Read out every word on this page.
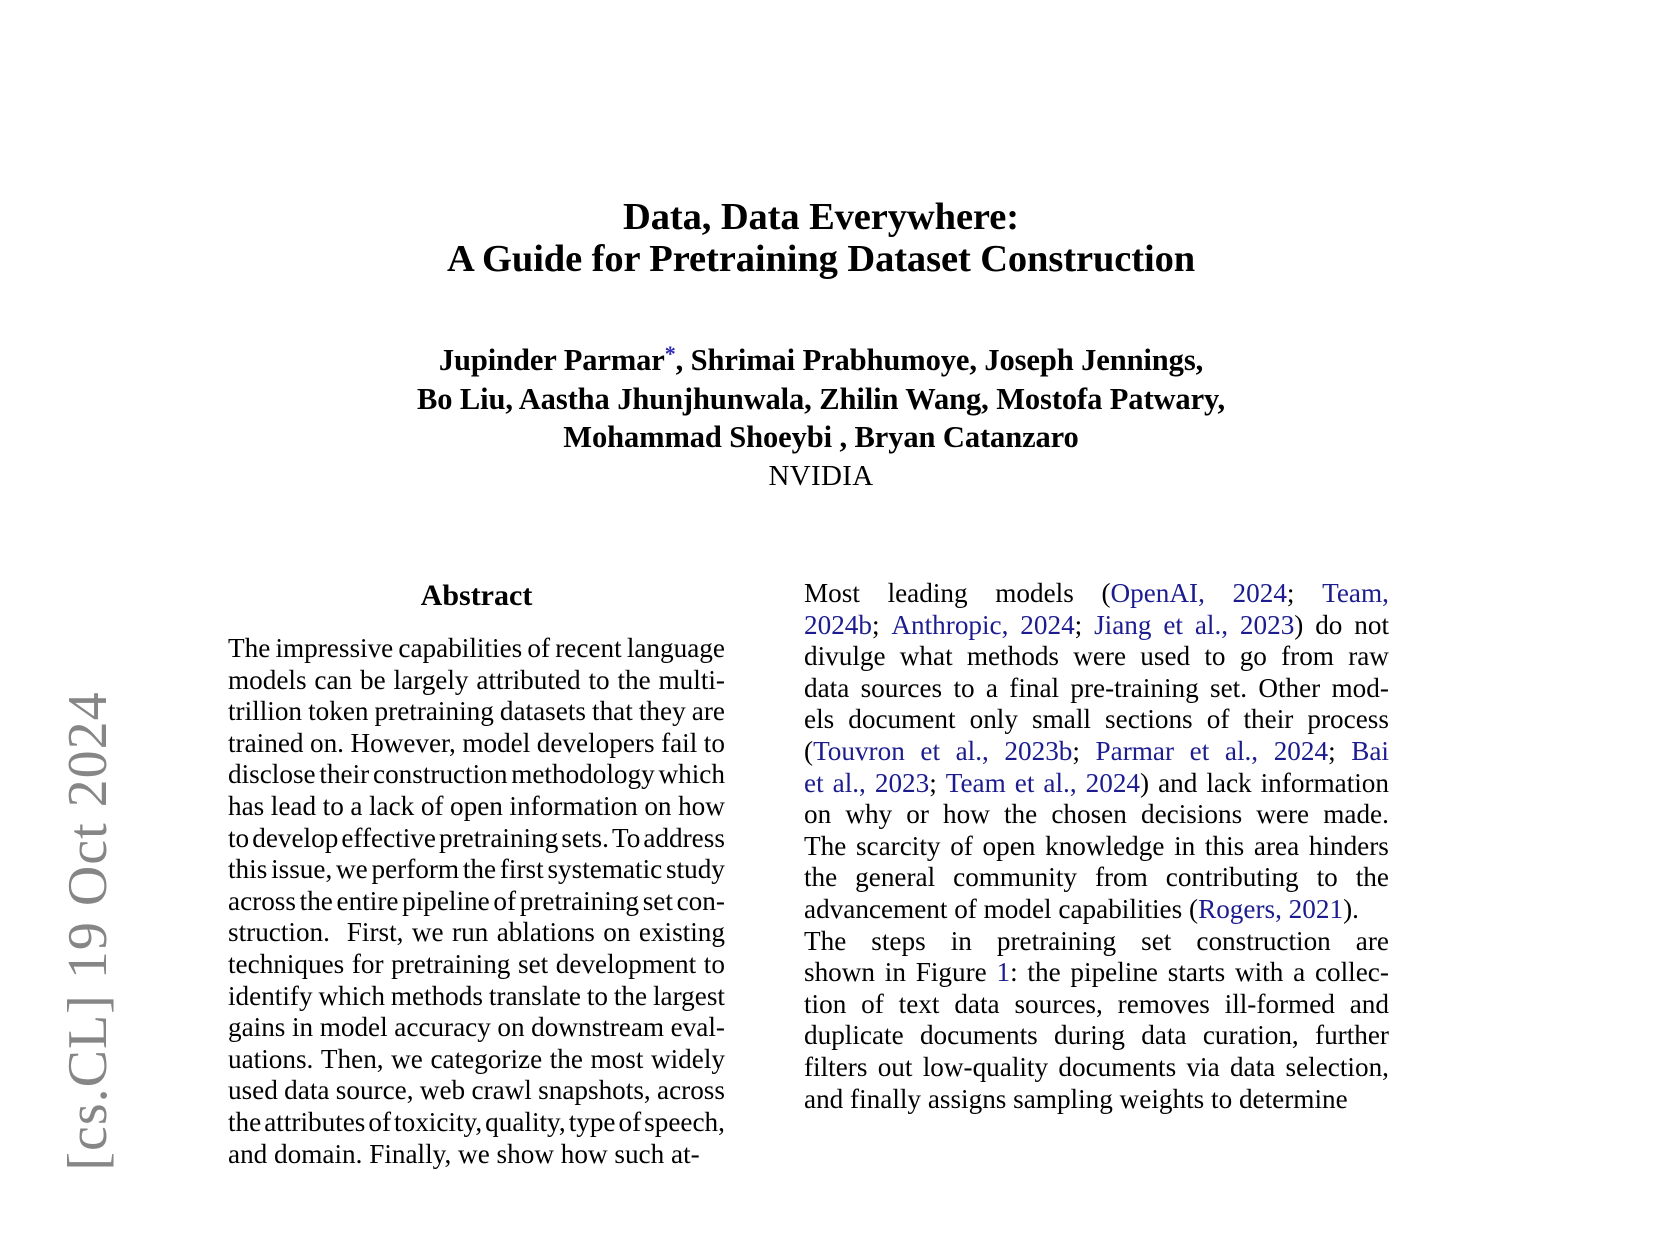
[cs.CL] 19 Oct 2024
Data, Data Everywhere:
A Guide for Pretraining Dataset Construction
Jupinder Parmar*, Shrimai Prabhumoye, Joseph Jennings,
Bo Liu, Aastha Jhunjhunwala, Zhilin Wang, Mostofa Patwary,
Mohammad Shoeybi , Bryan Catanzaro
NVIDIA
Abstract
The impressive capabilities of recent language
models can be largely attributed to the multi-
trillion token pretraining datasets that they are
trained on. However, model developers fail to
disclose their construction methodology which
has lead to a lack of open information on how
to develop effective pretraining sets. To address
this issue, we perform the first systematic study
across the entire pipeline of pretraining set con-
struction. First, we run ablations on existing
techniques for pretraining set development to
identify which methods translate to the largest
gains in model accuracy on downstream eval-
uations. Then, we categorize the most widely
used data source, web crawl snapshots, across
the attributes of toxicity, quality, type of speech,
and domain. Finally, we show how such at-
Most leading models (OpenAI, 2024; Team,
2024b; Anthropic, 2024; Jiang et al., 2023) do not
divulge what methods were used to go from raw
data sources to a final pre-training set. Other mod-
els document only small sections of their process
(Touvron et al., 2023b; Parmar et al., 2024; Bai
et al., 2023; Team et al., 2024) and lack information
on why or how the chosen decisions were made.
The scarcity of open knowledge in this area hinders
the general community from contributing to the
advancement of model capabilities (Rogers, 2021).
The steps in pretraining set construction are
shown in Figure 1: the pipeline starts with a collec-
tion of text data sources, removes ill-formed and
duplicate documents during data curation, further
filters out low-quality documents via data selection,
and finally assigns sampling weights to determine
